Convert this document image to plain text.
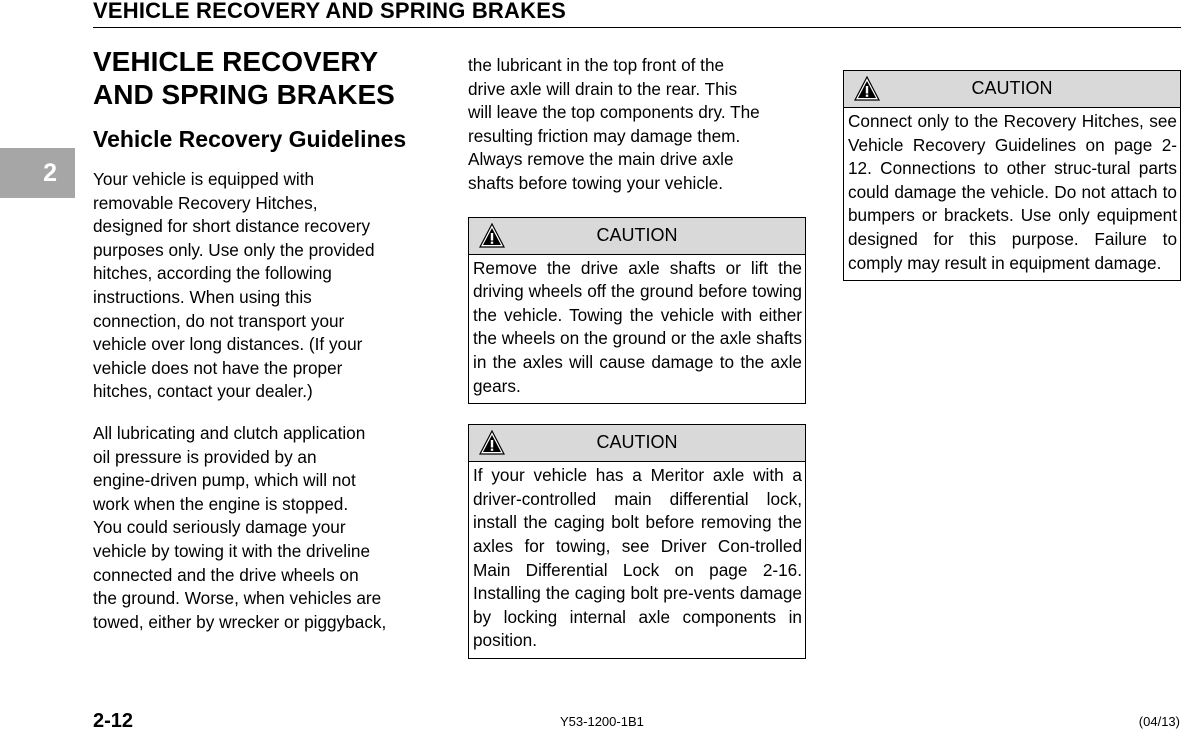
VEHICLE RECOVERY AND SPRING BRAKES
2
VEHICLE RECOVERY
AND SPRING BRAKES
Vehicle Recovery Guidelines

Your vehicle is equipped with
removable Recovery Hitches,
designed for short distance recovery
purposes only. Use only the provided
hitches, according the following
instructions. When using this
connection, do not transport your
vehicle over long distances. (If your
vehicle does not have the proper
hitches, contact your dealer.)

All lubricating and clutch application
oil pressure is provided by an
engine-driven pump, which will not
work when the engine is stopped.
You could seriously damage your
vehicle by towing it with the driveline
connected and the drive wheels on
the ground. Worse, when vehicles are
towed, either by wrecker or piggyback,

the lubricant in the top front of the
drive axle will drain to the rear. This
will leave the top components dry. The
resulting friction may damage them.
Always remove the main drive axle
shafts before towing your vehicle.

CAUTION
Remove the drive axle shafts or lift the driving wheels off the ground before towing the vehicle. Towing the vehicle with either the wheels on the ground or the axle shafts in the axles will cause damage to the axle gears.
CAUTION
If your vehicle has a Meritor axle with a driver-controlled main differential lock, install the caging bolt before removing the axles for towing, see Driver Con-trolled Main Differential Lock on page 2-16. Installing the caging bolt pre-vents damage by locking internal axle components in position.
CAUTION
Connect only to the Recovery Hitches, see Vehicle Recovery Guidelines on page 2-12. Connections to other struc-tural parts could damage the vehicle. Do not attach to bumpers or brackets. Use only equipment designed for this purpose. Failure to comply may result in equipment damage.
2-12	Y53-1200-1B1	(04/13)
